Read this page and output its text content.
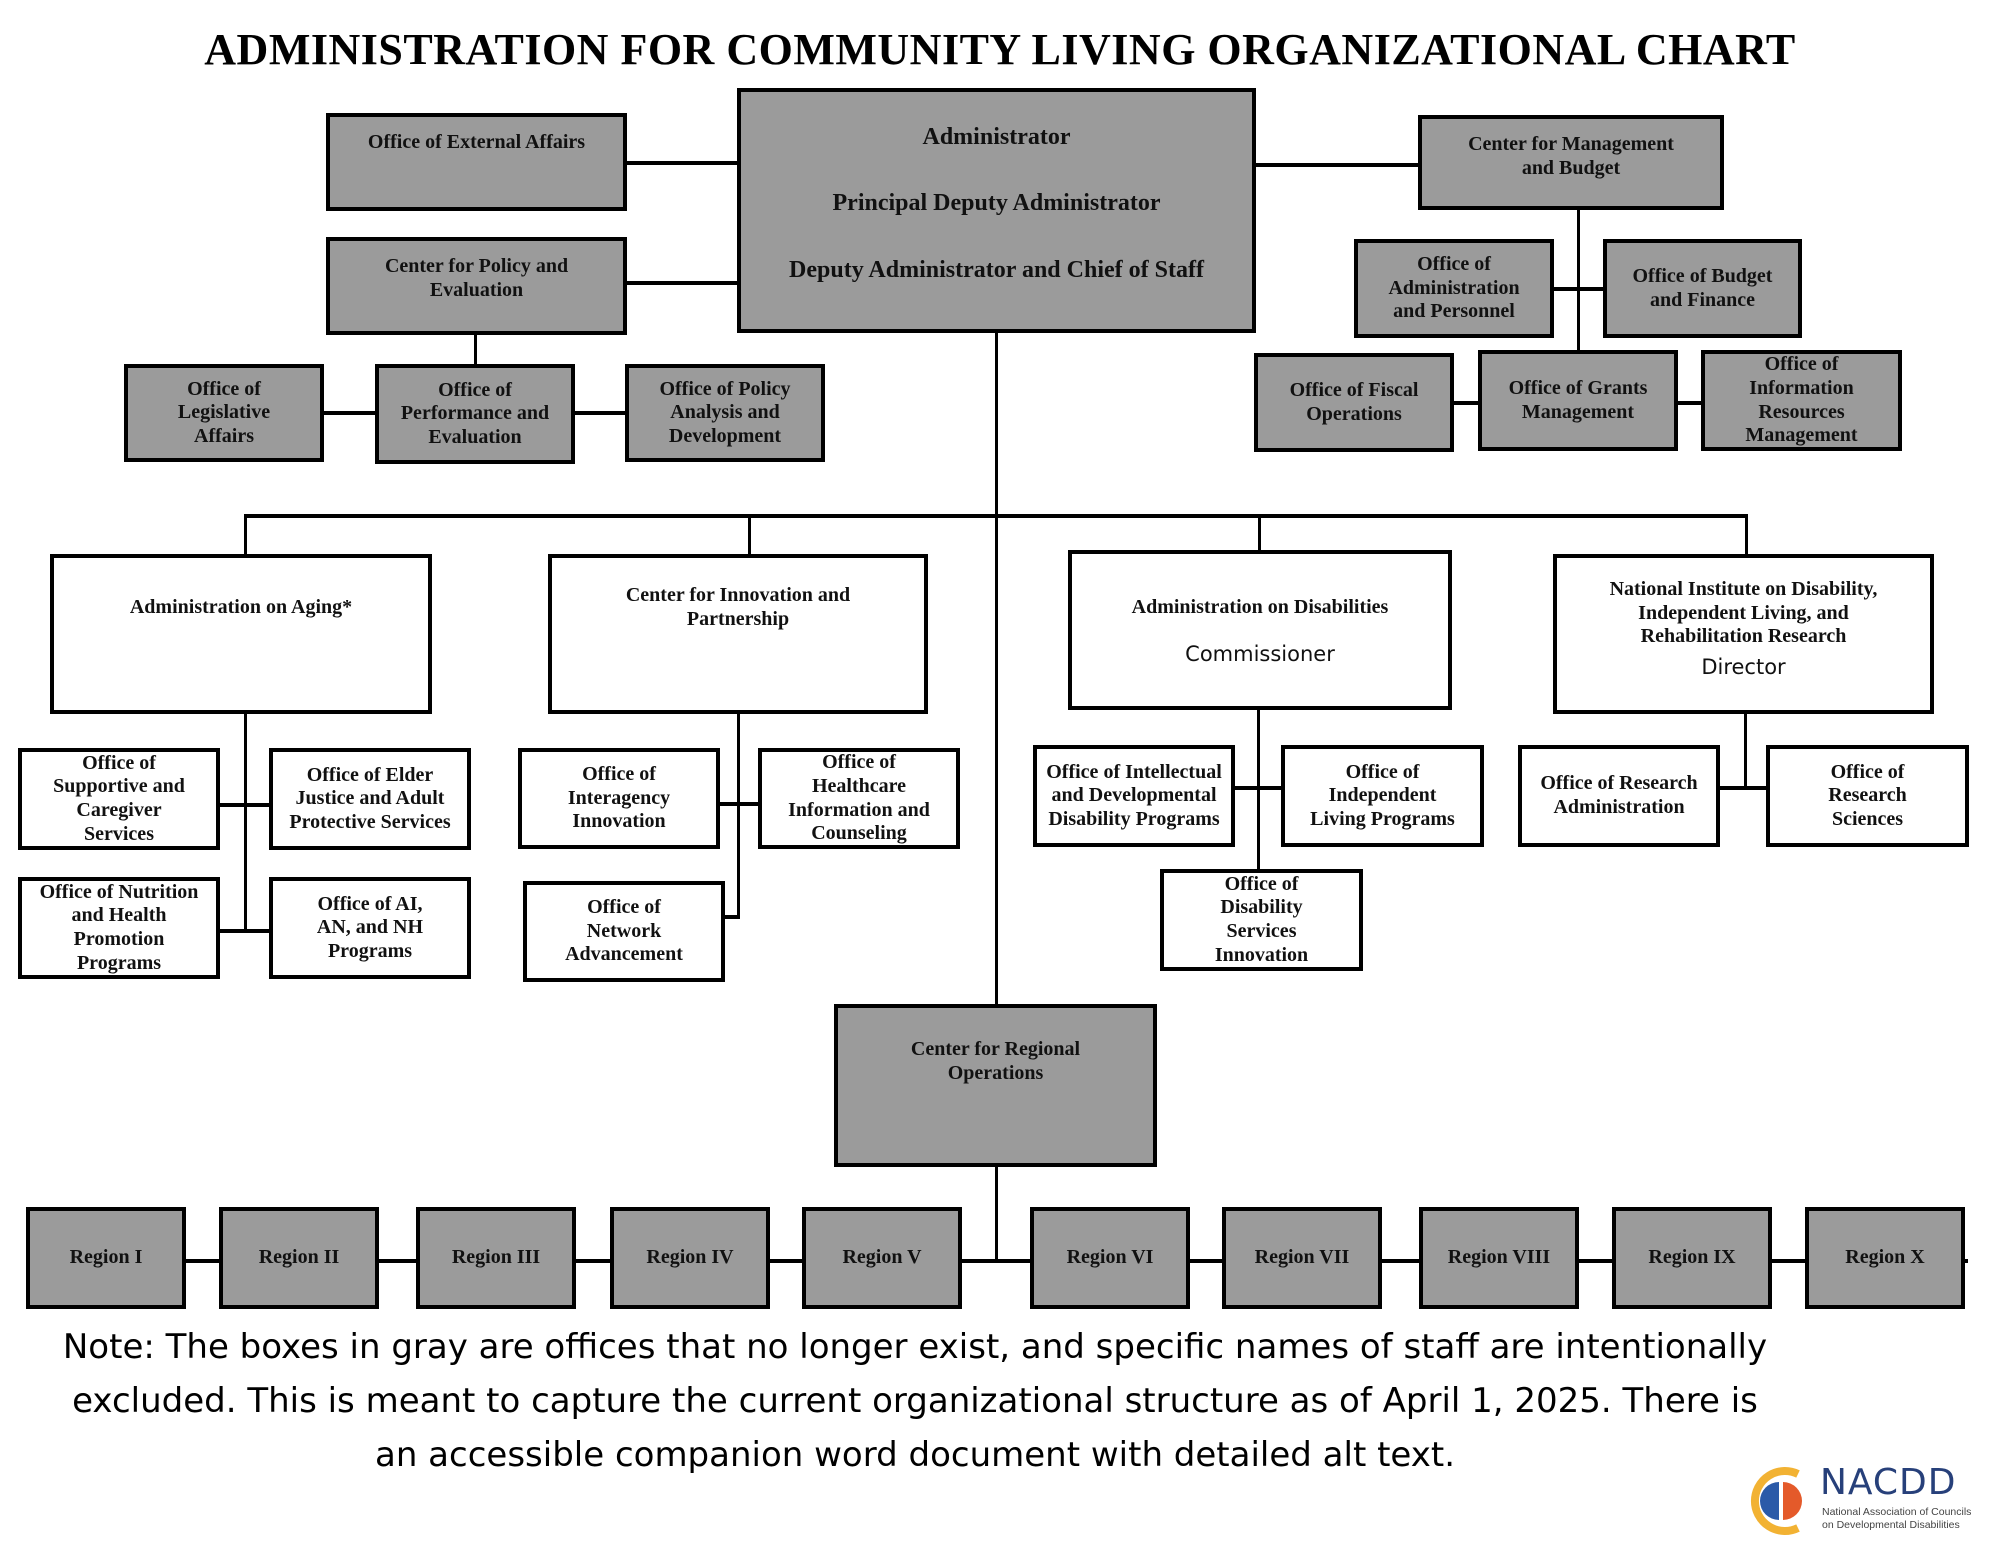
ADMINISTRATION FOR COMMUNITY LIVING ORGANIZATIONAL CHART
Office of External Affairs	Administrator
Principal Deputy Administrator
Deputy Administrator and Chief of Staff
Center for Policy and Evaluation
Office of Legislative Affairs
Office of Performance and Evaluation
Office of Policy Analysis and Development
Center for Management and Budget
Office of Administration and Personnel
Office of Budget and Finance
Office of Fiscal Operations
Office of Grants Management
Office of Information Resources Management
Administration on Aging*
Center for Innovation and Partnership
Administration on Disabilities
Commissioner
National Institute on Disability, Independent Living, and Rehabilitation Research
Director
Office of Supportive and Caregiver Services
Office of Elder Justice and Adult Protective Services
Office of Nutrition and Health Promotion Programs
Office of AI, AN, and NH Programs
Office of Interagency Innovation
Office of Healthcare Information and Counseling
Office of Network Advancement
Office of Intellectual and Developmental Disability Programs
Office of Independent Living Programs
Office of Disability Services Innovation
Office of Research Administration
Office of Research Sciences
Center for Regional Operations
Region I	Region II	Region III	Region IV	Region V	Region VI	Region VII	Region VIII	Region IX	Region X
Note: The boxes in gray are offices that no longer exist, and specific names of staff are intentionally
excluded. This is meant to capture the current organizational structure as of April 1, 2025. There is
an accessible companion word document with detailed alt text.
NACDD
National Association of Councils
on Developmental Disabilities
